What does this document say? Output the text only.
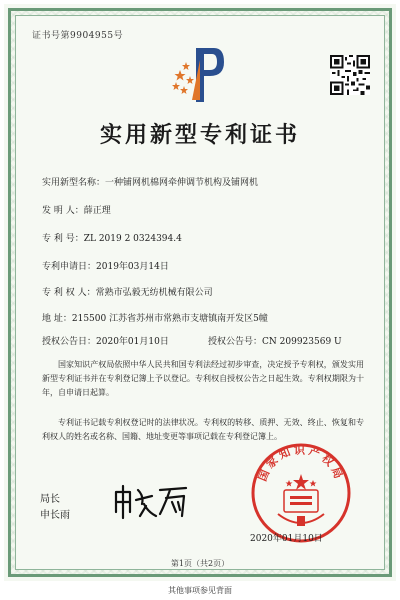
证书号第9904955号
实用新型专利证书
实用新型名称：一种铺网机棉网牵伸调节机构及铺网机
发 明 人：薛正理
专 利 号：ZL 2019 2 0324394.4
专利申请日：2019年03月14日
专 利 权 人：常熟市弘毅无纺机械有限公司
地 址：215500 江苏省苏州市常熟市支塘镇南开发区5幢
授权公告日：2020年01月10日	授权公告号：CN 209923569 U
国家知识产权局依照中华人民共和国专利法经过初步审查，决定授予专利权，颁发实用新型专利证书并在专利登记簿上予以登记。专利权自授权公告之日起生效。专利权期限为十年，自申请日起算。
专利证书记载专利权登记时的法律状况。专利权的转移、质押、无效、终止、恢复和专利权人的姓名或名称、国籍、地址变更等事项记载在专利登记簿上。
局长
申长雨
国家知识产权局
2020年01月10日
第1页（共2页）
其他事项参见背面
